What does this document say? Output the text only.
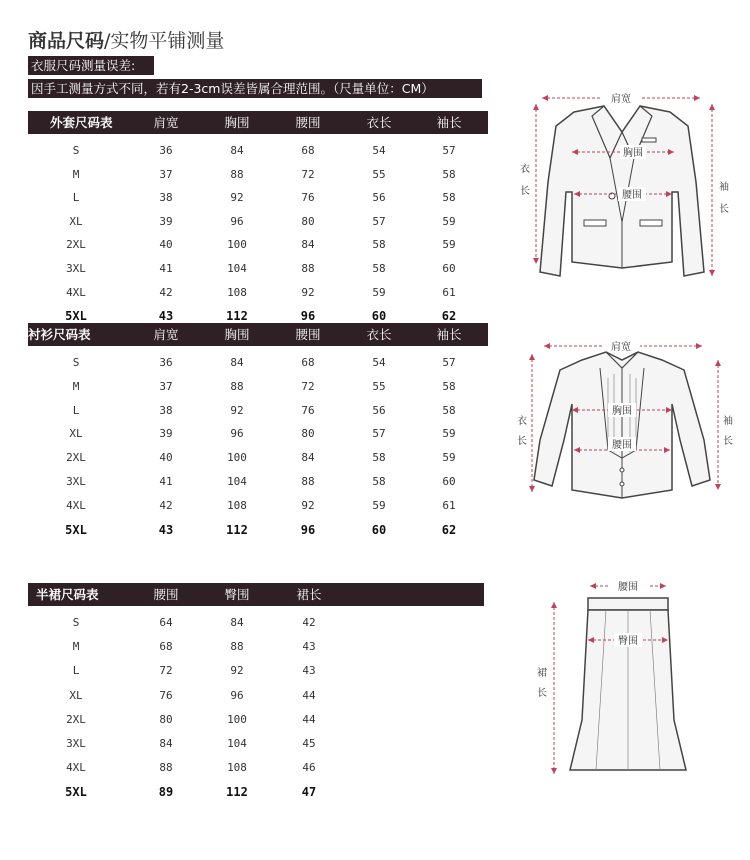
商品尺码/实物平铺测量
衣服尺码测量误差:
因手工测量方式不同，若有2-3cm误差皆属合理范围。（尺量单位：CM）
外套尺码表	肩宽	胸围	腰围	衣长	袖长
S	36	84	68	54	57
M	37	88	72	55	58
L	38	92	76	56	58
XL	39	96	80	57	59
2XL	40	100	84	58	59
3XL	41	104	88	58	60
4XL	42	108	92	59	61
5XL	43	112	96	60	62
衬衫尺码表	肩宽	胸围	腰围	衣长	袖长
S	36	84	68	54	57
M	37	88	72	55	58
L	38	92	76	56	58
XL	39	96	80	57	59
2XL	40	100	84	58	59
3XL	41	104	88	58	60
4XL	42	108	92	59	61
5XL	43	112	96	60	62
半裙尺码表	腰围	臀围	裙长
S	64	84	42
M	68	88	43
L	72	92	43
XL	76	96	44
2XL	80	100	44
3XL	84	104	45
4XL	88	108	46
5XL	89	112	47
肩宽
胸围
腰围
衣
长	袖
长
肩宽
胸围
腰围
衣
长
袖
长
腰围
臀围
裙
长
